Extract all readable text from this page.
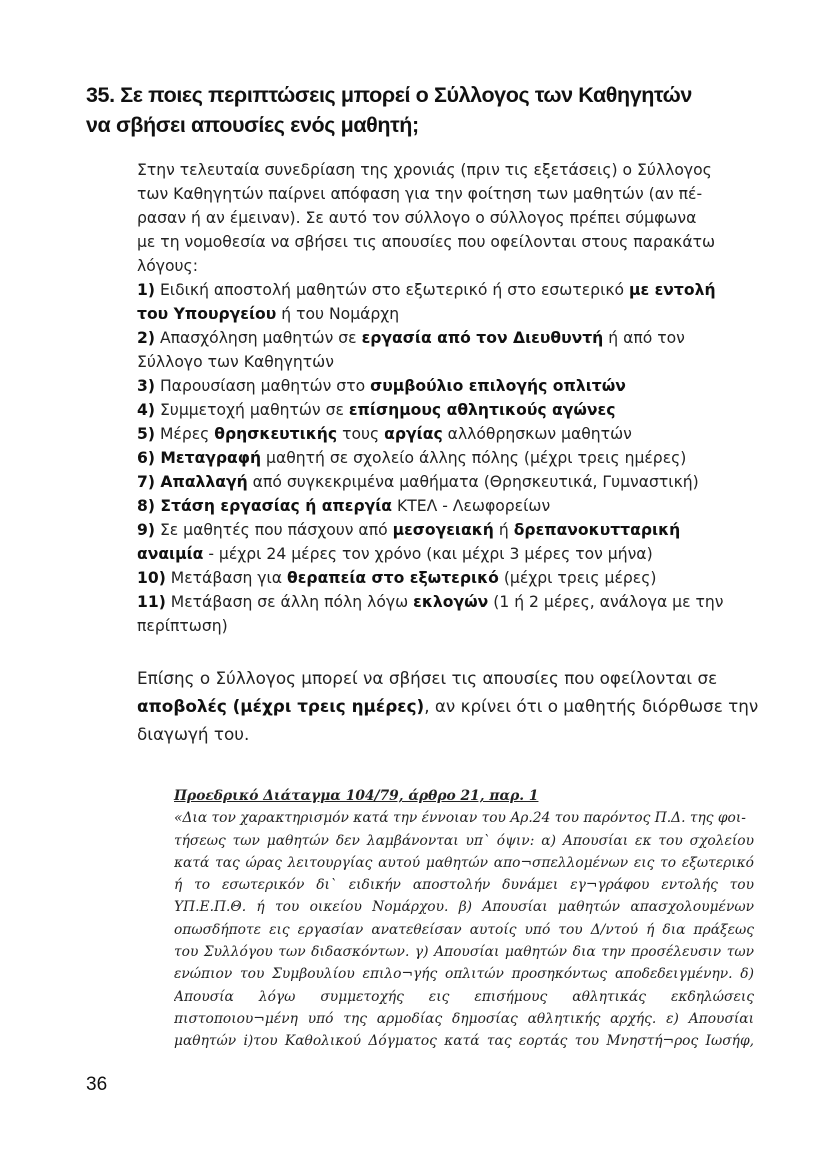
35. Σε ποιες περιπτώσεις μπορεί ο Σύλλογος των Καθηγητών
να σβήσει απουσίες ενός μαθητή;
Στην τελευταία συνεδρίαση της χρονιάς (πριν τις εξετάσεις) ο Σύλλογος
των Καθηγητών παίρνει απόφαση για την φοίτηση των μαθητών (αν πέ-
ρασαν ή αν έμειναν). Σε αυτό τον σύλλογο ο σύλλογος πρέπει σύμφωνα
με τη νομοθεσία να σβήσει τις απουσίες που οφείλονται στους παρακάτω
λόγους:
1) Ειδική αποστολή μαθητών στο εξωτερικό ή στο εσωτερικό με εντολή
του Υπουργείου ή του Νομάρχη
2) Απασχόληση μαθητών σε εργασία από τον Διευθυντή ή από τον
Σύλλογο των Καθηγητών
3) Παρουσίαση μαθητών στο συμβούλιο επιλογής οπλιτών
4) Συμμετοχή μαθητών σε επίσημους αθλητικούς αγώνες
5) Μέρες θρησκευτικής τους αργίας αλλόθρησκων μαθητών
6) Μεταγραφή μαθητή σε σχολείο άλλης πόλης (μέχρι τρεις ημέρες)
7) Απαλλαγή από συγκεκριμένα μαθήματα (Θρησκευτικά, Γυμναστική)
8) Στάση εργασίας ή απεργία ΚΤΕΛ - Λεωφορείων
9) Σε μαθητές που πάσχουν από μεσογειακή ή δρεπανοκυτταρική
αναιμία - μέχρι 24 μέρες τον χρόνο (και μέχρι 3 μέρες τον μήνα)
10) Μετάβαση για θεραπεία στο εξωτερικό (μέχρι τρεις μέρες)
11) Μετάβαση σε άλλη πόλη λόγω εκλογών (1 ή 2 μέρες, ανάλογα με την
περίπτωση)
Επίσης ο Σύλλογος μπορεί να σβήσει τις απουσίες που οφείλονται σε
αποβολές (μέχρι τρεις ημέρες), αν κρίνει ότι ο μαθητής διόρθωσε την
διαγωγή του.
Προεδρικό Διάταγμα 104/79, άρθρο 21, παρ. 1
«Δια τον χαρακτηρισμόν κατά την έννοιαν του Αρ.24 του παρόντος Π.Δ. της φοι-
τήσεως των μαθητών δεν λαμβάνονται υπ` όψιν: α) Απουσίαι εκ του σχολείου
κατά τας ώρας λειτουργίας αυτού μαθητών απο¬σπελλομένων εις το εξωτερικό
ή το εσωτερικόν δι` ειδικήν αποστολήν δυνάμει εγ¬γράφου εντολής του
ΥΠ.Ε.Π.Θ. ή του οικείου Νομάρχου. β) Απουσίαι μαθητών απασχολουμένων
οπωσδήποτε εις εργασίαν ανατεθείσαν αυτοίς υπό του Δ/ντού ή δια πράξεως
του Συλλόγου των διδασκόντων. γ) Απουσίαι μαθητών δια την προσέλευσιν των
ενώπιον του Συμβουλίου επιλο¬γής οπλιτών προσηκόντως αποδεδειγμένην. δ)
Απουσία λόγω συμμετοχής εις επισήμους αθλητικάς εκδηλώσεις
πιστοποιου¬μένη υπό της αρμοδίας δημοσίας αθλητικής αρχής. ε) Απουσίαι
μαθητών i)του Καθολικού Δόγματος κατά τας εορτάς του Μνηστή¬ρος Ιωσήφ,
36
